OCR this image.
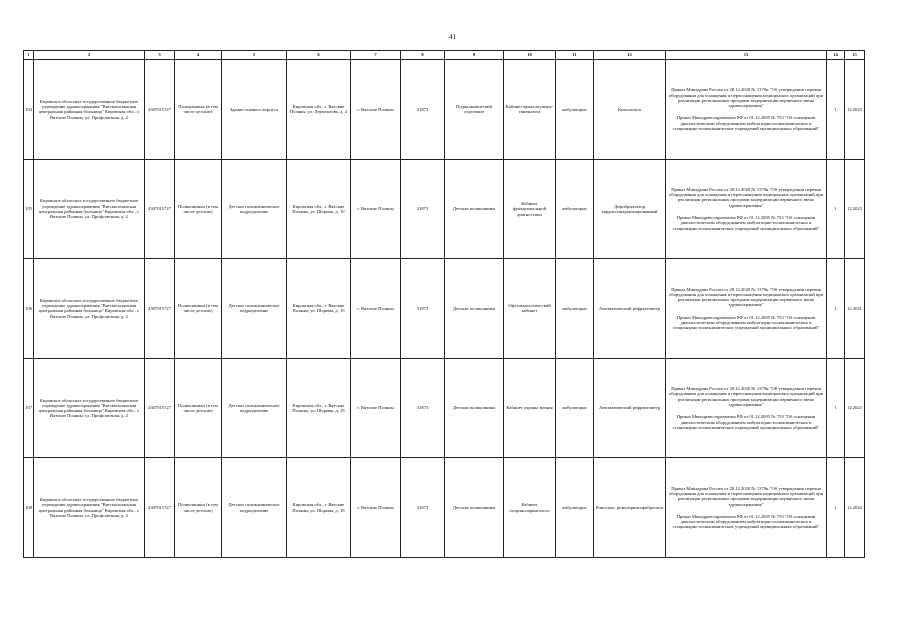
41
1	2	3	4	5	6	7	8	9	10	11	12	13	14	15
104	Кировское областное государственное бюджетное учреждение здравоохранения "Вятскополянская центральная районная больница" Кировская обл., г. Вятские Поляны, ул. Профсоюзная, д. 2	4307015727	Поликлиника (в том числе детские)	Здание главного корпуса	Кировская обл., г. Вятские Поляны, ул. Лермонтова, д. 2	г. Вятские Поляны	31873	Пoдиклинический отделение	Кабинет врача акушера-гинеколога	амбулаторно	Кольпоскоп	Приказ Минздрава России от 28.12.2020 № 1379н "Об утверждении перечня оборудования для оснащения и переоснащения медицинских организаций при реализации региональных программ модернизации первичного звена здравоохранения"

Приказ Минздравсоцразвития РФ от 01.12.2005 № 753 "Об оснащении диагностическим оборудованием амбулаторно-поликлинических и стационарно-поликлинических учреждений муниципальных образований"	1	12.2025
105	Кировское областное государственное бюджетное учреждение здравоохранения "Вятскополянская центральная районная больница" Кировская обл., г. Вятские Поляны, ул. Профсоюзная, д. 2	4307015727	Поликлиники (в том числе детские)	Детское поликлиническое подразделение	Кировская обл., г. Вятские Поляны, ул. Шорина, д. 19	г. Вятские Поляны	31873	Детская поликлиника	Кабинет функциональной диагностики	амбулаторно	Дефибриллятор кардиосинхронизированный	Приказ Минздрава России от 28.12.2020 № 1379н "Об утверждении перечня оборудования для оснащения и переоснащения медицинских организаций при реализации региональных программ модернизации первичного звена здравоохранения"

Приказ Минздравсоцразвития РФ от 01.12.2005 № 753 "Об оснащении диагностическим оборудованием амбулаторно-поликлинических и стационарно-поликлинических учреждений муниципальных образований"	1	12.2025
106	Кировское областное государственное бюджетное учреждение здравоохранения "Вятскополянская центральная районная больница" Кировская обл., г. Вятские Поляны, ул. Профсоюзная, д. 2	4307015727	Поликлиники (в том числе детские)	Детское поликлиническое подразделение	Кировская обл., г. Вятские Поляны, ул. Шорина, д. 19	г. Вятские Поляны	31873	Детская поликлиника	Офтальмологический кабинет	амбулаторно	Автоматический рефрактометр	Приказ Минздрава России от 28.12.2020 № 1379н "Об утверждении перечня оборудования для оснащения и переоснащения медицинских организаций при реализации региональных программ модернизации первичного звена здравоохранения"

Приказ Минздравсоцразвития РФ от 01.12.2005 № 753 "Об оснащении диагностическим оборудованием амбулаторно-поликлинических и стационарно-поликлинических учреждений муниципальных образований"	1	12.2021
107	Кировское областное государственное бюджетное учреждение здравоохранения "Вятскополянская центральная районная больница" Кировская обл., г. Вятские Поляны, ул. Профсоюзная, д. 2	4307015727	Поликлиники (в том числе детские)	Детское поликлиническое подразделение	Кировская обл., г. Вятские Поляны, ул. Шорина, д. 19	г. Вятские Поляны	31873	Детская поликлиника	Кабинет охраны зрения	амбулаторно	Автоматический рефрактометр	Приказ Минздрава России от 28.12.2020 № 1379н "Об утверждении перечня оборудования для оснащения и переоснащения медицинских организаций при реализации региональных программ модернизации первичного звена здравоохранения"

Приказ Минздравсоцразвития РФ от 01.12.2005 № 753 "Об оснащении диагностическим оборудованием амбулаторно-поликлинических и стационарно-поликлинических учреждений муниципальных образований"	1	12.2023
108	Кировское областное государственное бюджетное учреждение здравоохранения "Вятскополянская центральная районная больница" Кировская обл., г. Вятские Поляны, ул. Профсоюзная, д. 2	4307015727	Поликлиники (в том числе детские)	Детское поликлиническое подразделение	Кировская обл., г. Вятские Поляны, ул. Шорина, д. 19	г. Вятские Поляны	31873	Детская поликлиника	Кабинет оториноларинголога	амбулаторно	Риноскоп, риноларингофиброскоп	Приказ Минздрава России от 28.12.2020 № 1379н "Об утверждении перечня оборудования для оснащения и переоснащения медицинских организаций при реализации региональных программ модернизации первичного звена здравоохранения"

Приказ Минздравсоцразвития РФ от 01.12.2005 № 753 "Об оснащении диагностическим оборудованием амбулаторно-поликлинических и стационарно-поликлинических учреждений муниципальных образований"	1	12.2022
